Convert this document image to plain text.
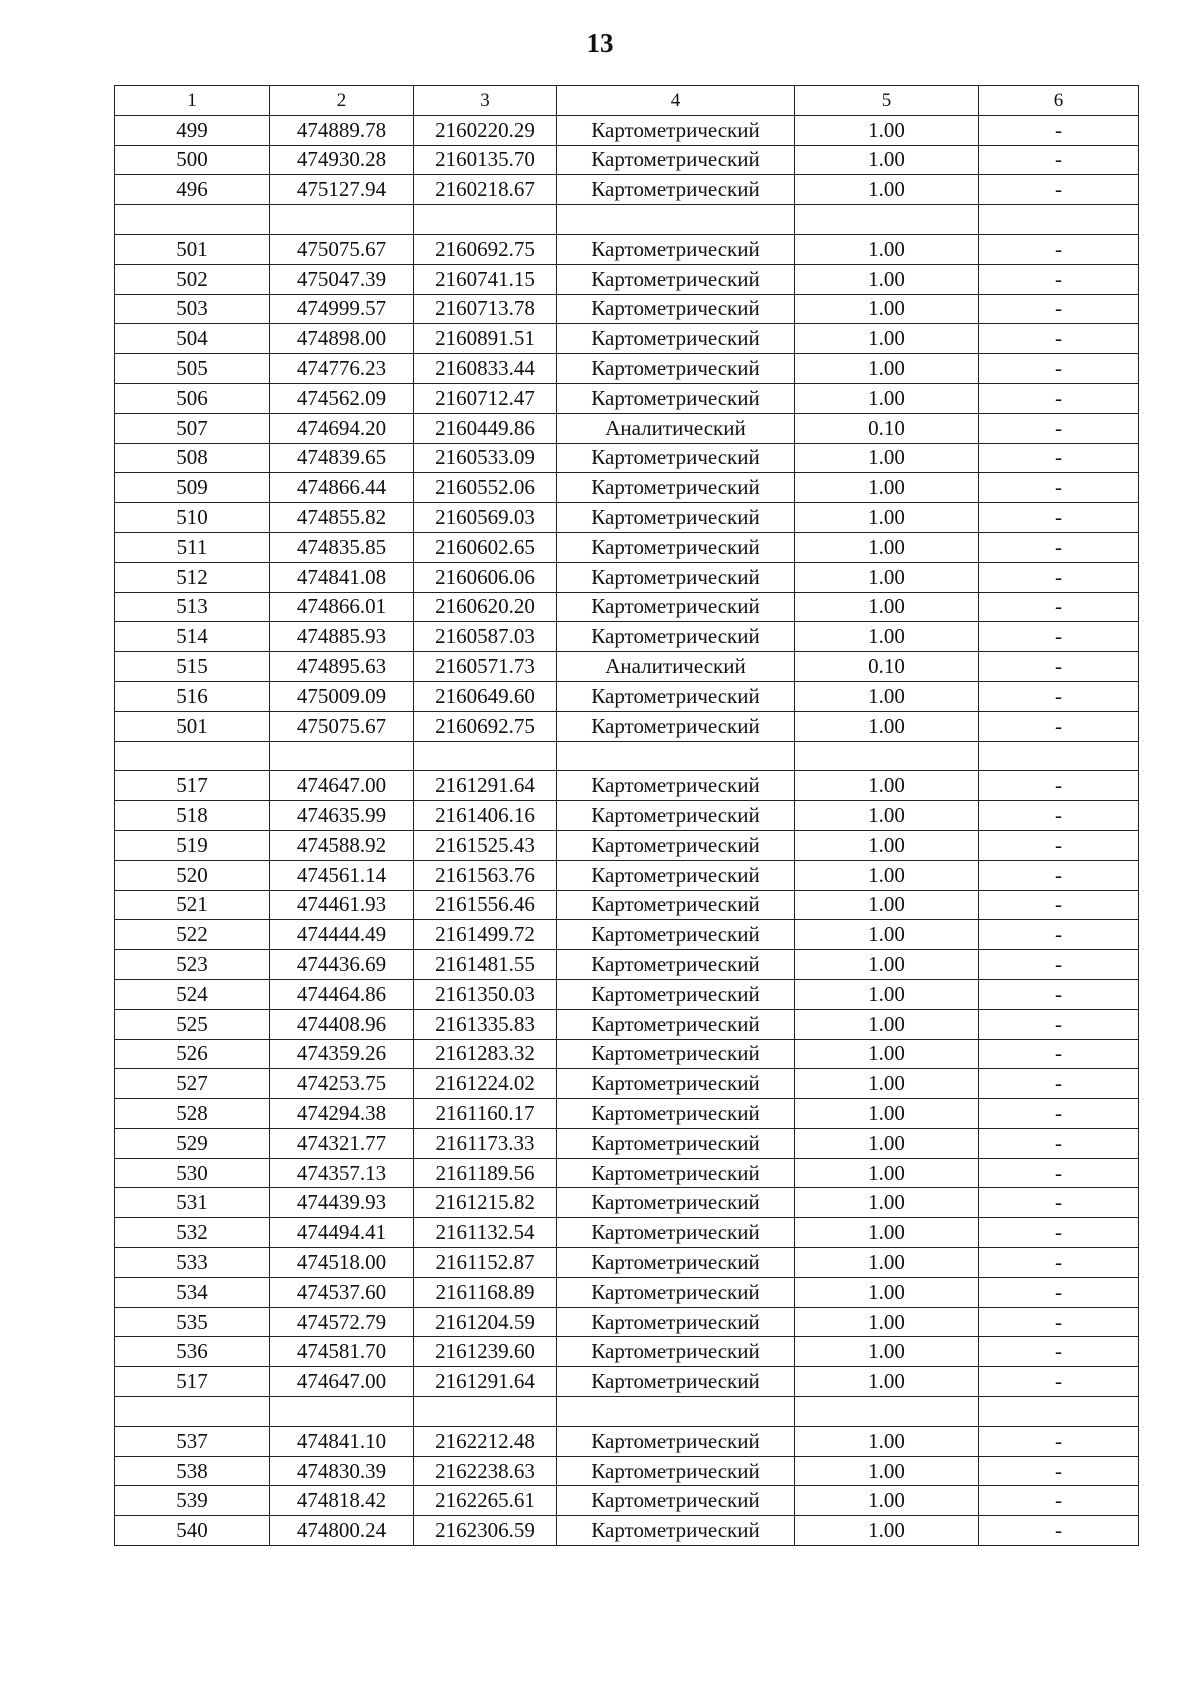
13
1	2	3	4	5	6
499	474889.78	2160220.29	Картометрический	1.00	-
500	474930.28	2160135.70	Картометрический	1.00	-
496	475127.94	2160218.67	Картометрический	1.00	-

501	475075.67	2160692.75	Картометрический	1.00	-
502	475047.39	2160741.15	Картометрический	1.00	-
503	474999.57	2160713.78	Картометрический	1.00	-
504	474898.00	2160891.51	Картометрический	1.00	-
505	474776.23	2160833.44	Картометрический	1.00	-
506	474562.09	2160712.47	Картометрический	1.00	-
507	474694.20	2160449.86	Аналитический	0.10	-
508	474839.65	2160533.09	Картометрический	1.00	-
509	474866.44	2160552.06	Картометрический	1.00	-
510	474855.82	2160569.03	Картометрический	1.00	-
511	474835.85	2160602.65	Картометрический	1.00	-
512	474841.08	2160606.06	Картометрический	1.00	-
513	474866.01	2160620.20	Картометрический	1.00	-
514	474885.93	2160587.03	Картометрический	1.00	-
515	474895.63	2160571.73	Аналитический	0.10	-
516	475009.09	2160649.60	Картометрический	1.00	-
501	475075.67	2160692.75	Картометрический	1.00	-

517	474647.00	2161291.64	Картометрический	1.00	-
518	474635.99	2161406.16	Картометрический	1.00	-
519	474588.92	2161525.43	Картометрический	1.00	-
520	474561.14	2161563.76	Картометрический	1.00	-
521	474461.93	2161556.46	Картометрический	1.00	-
522	474444.49	2161499.72	Картометрический	1.00	-
523	474436.69	2161481.55	Картометрический	1.00	-
524	474464.86	2161350.03	Картометрический	1.00	-
525	474408.96	2161335.83	Картометрический	1.00	-
526	474359.26	2161283.32	Картометрический	1.00	-
527	474253.75	2161224.02	Картометрический	1.00	-
528	474294.38	2161160.17	Картометрический	1.00	-
529	474321.77	2161173.33	Картометрический	1.00	-
530	474357.13	2161189.56	Картометрический	1.00	-
531	474439.93	2161215.82	Картометрический	1.00	-
532	474494.41	2161132.54	Картометрический	1.00	-
533	474518.00	2161152.87	Картометрический	1.00	-
534	474537.60	2161168.89	Картометрический	1.00	-
535	474572.79	2161204.59	Картометрический	1.00	-
536	474581.70	2161239.60	Картометрический	1.00	-
517	474647.00	2161291.64	Картометрический	1.00	-

537	474841.10	2162212.48	Картометрический	1.00	-
538	474830.39	2162238.63	Картометрический	1.00	-
539	474818.42	2162265.61	Картометрический	1.00	-
540	474800.24	2162306.59	Картометрический	1.00	-
